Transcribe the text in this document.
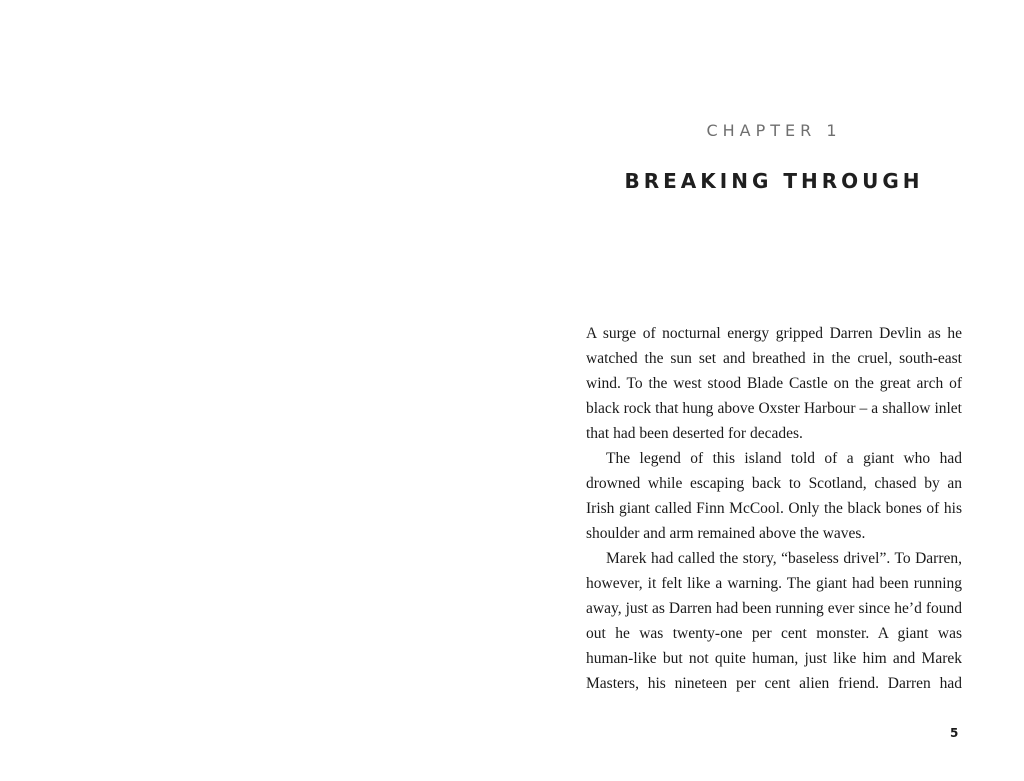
CHAPTER 1
BREAKING THROUGH

A surge of nocturnal energy gripped Darren Devlin as he watched the sun set and breathed in the cruel, south-east wind. To the west stood Blade Castle on the great arch of black rock that hung above Oxster Harbour – a shallow inlet that had been deserted for decades.

The legend of this island told of a giant who had drowned while escaping back to Scotland, chased by an Irish giant called Finn McCool. Only the black bones of his shoulder and arm remained above the waves.

Marek had called the story, “baseless drivel”. To Darren, however, it felt like a warning. The giant had been running away, just as Darren had been running ever since he’d found out he was twenty-one per cent monster. A giant was human-like but not quite human, just like him and Marek Masters, his nineteen per cent alien friend. Darren had

5
